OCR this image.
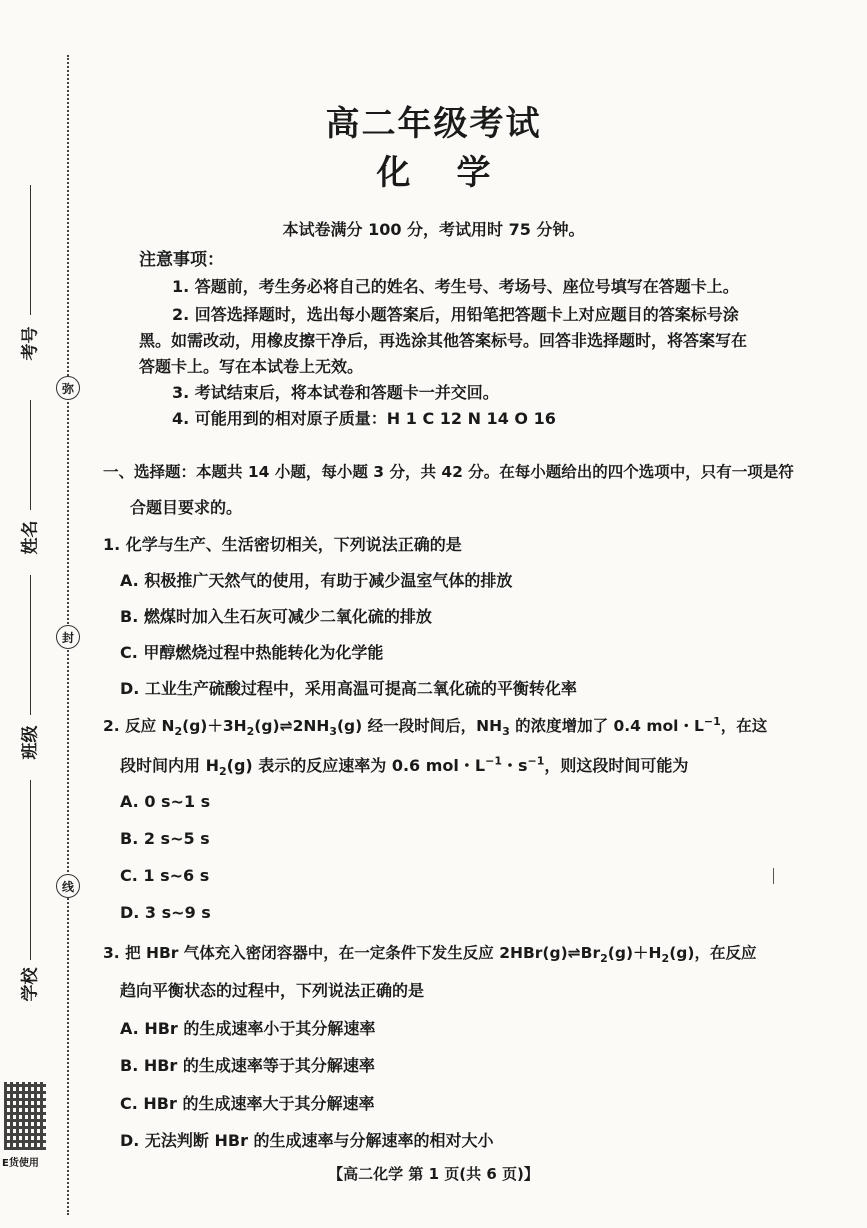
弥
封
线
考号
姓名
班级
学校
E货使用
高二年级考试
化学
本试卷满分 100 分，考试用时 75 分钟。
注意事项：
1. 答题前，考生务必将自己的姓名、考生号、考场号、座位号填写在答题卡上。
2. 回答选择题时，选出每小题答案后，用铅笔把答题卡上对应题目的答案标号涂
黑。如需改动，用橡皮擦干净后，再选涂其他答案标号。回答非选择题时，将答案写在
答题卡上。写在本试卷上无效。
3. 考试结束后，将本试卷和答题卡一并交回。
4. 可能用到的相对原子质量：H 1 C 12 N 14 O 16
一、选择题：本题共 14 小题，每小题 3 分，共 42 分。在每小题给出的四个选项中，只有一项是符
合题目要求的。
1. 化学与生产、生活密切相关，下列说法正确的是
A. 积极推广天然气的使用，有助于减少温室气体的排放
B. 燃煤时加入生石灰可减少二氧化硫的排放
C. 甲醇燃烧过程中热能转化为化学能
D. 工业生产硫酸过程中，采用高温可提高二氧化硫的平衡转化率
2. 反应 $N_2(g)+3H_2(g)\rightleftharpoons 2NH_3(g)$ 经一段时间后，$NH_3$ 的浓度增加了 0.4 mol・$L^{-1}$，在这
段时间内用 $H_2(g)$ 表示的反应速率为 0.6 mol・$L^{-1}$・$s^{-1}$，则这段时间可能为
A. 0 s~1 s
B. 2 s~5 s
C. 1 s~6 s
D. 3 s~9 s
3. 把 HBr 气体充入密闭容器中，在一定条件下发生反应 $2HBr(g)\rightleftharpoons Br_2(g)+H_2(g)$，在反应
趋向平衡状态的过程中，下列说法正确的是
A. HBr 的生成速率小于其分解速率
B. HBr 的生成速率等于其分解速率
C. HBr 的生成速率大于其分解速率
D. 无法判断 HBr 的生成速率与分解速率的相对大小
【高二化学 第 1 页(共 6 页)】
